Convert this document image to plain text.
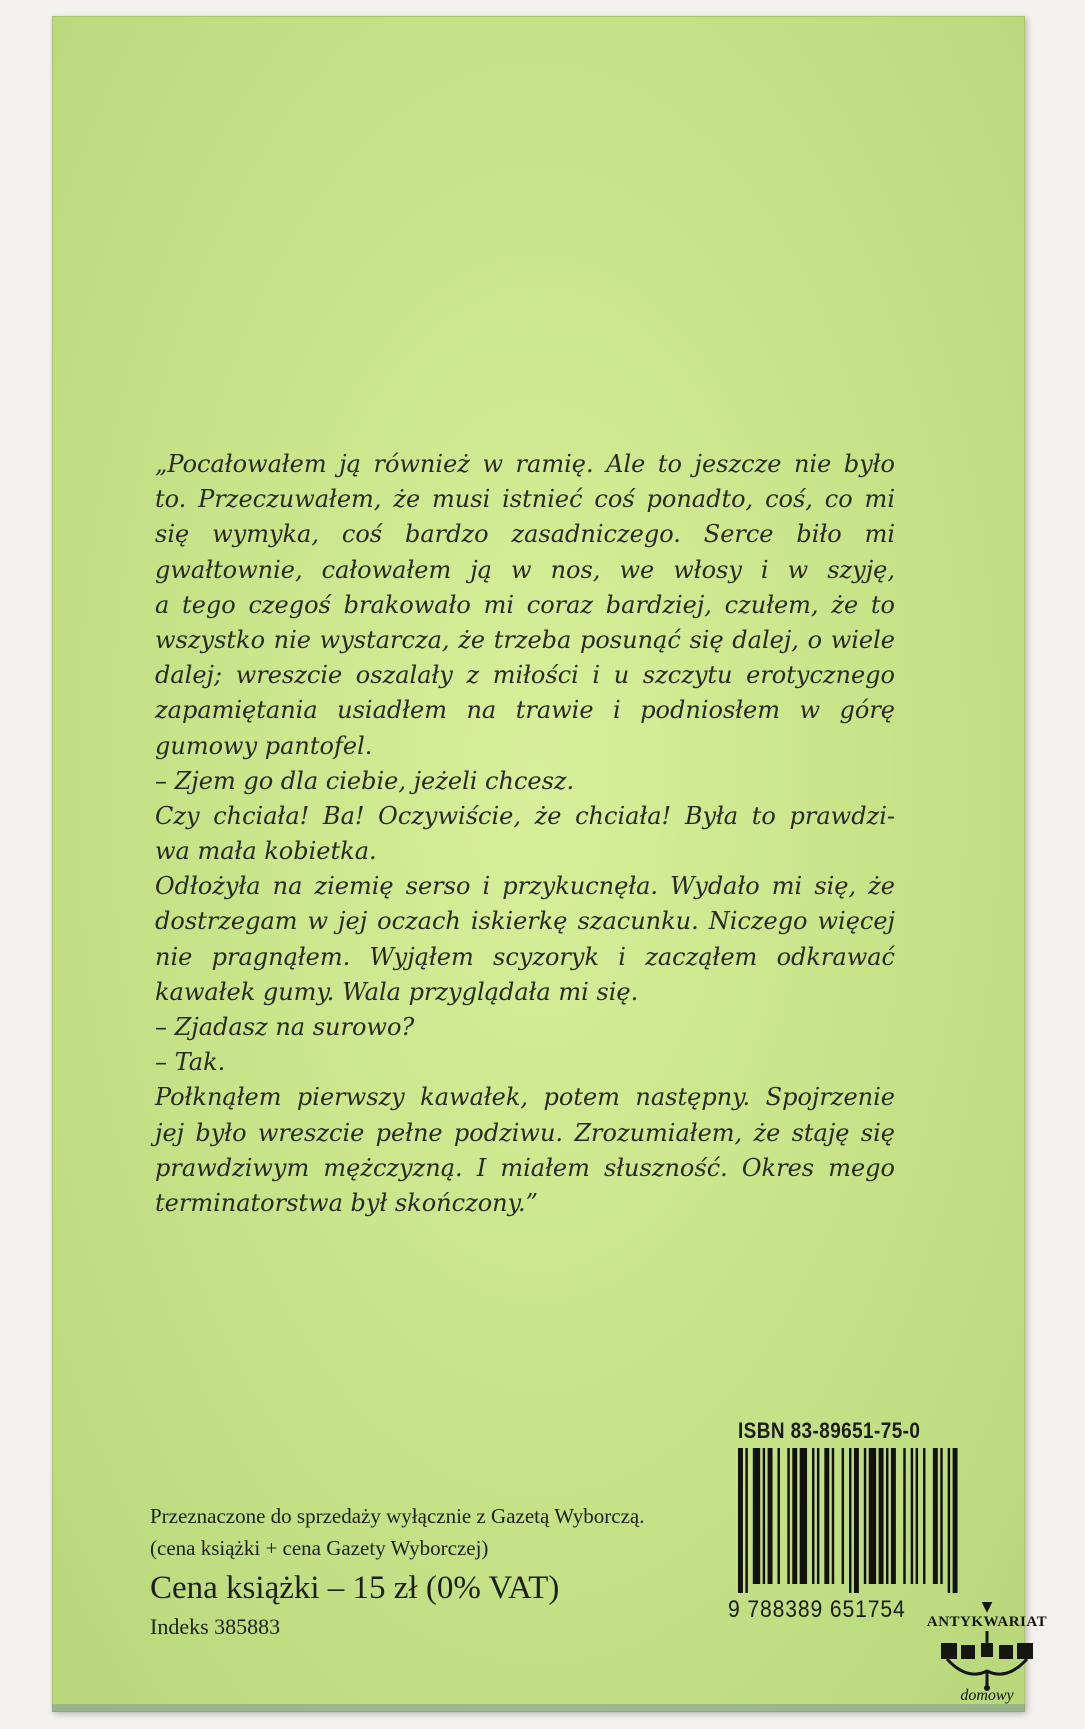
„Pocałowałem ją również w ramię. Ale to jeszcze nie było
to. Przeczuwałem, że musi istnieć coś ponadto, coś, co mi
się wymyka, coś bardzo zasadniczego. Serce biło mi
gwałtownie, całowałem ją w nos, we włosy i w szyję,
a tego czegoś brakowało mi coraz bardziej, czułem, że to
wszystko nie wystarcza, że trzeba posunąć się dalej, o wiele
dalej; wreszcie oszalały z miłości i u szczytu erotycznego
zapamiętania usiadłem na trawie i podniosłem w górę
gumowy pantofel.
– Zjem go dla ciebie, jeżeli chcesz.
Czy chciała! Ba! Oczywiście, że chciała! Była to prawdzi-
wa mała kobietka.
Odłożyła na ziemię serso i przykucnęła. Wydało mi się, że
dostrzegam w jej oczach iskierkę szacunku. Niczego więcej
nie pragnąłem. Wyjąłem scyzoryk i zacząłem odkrawać
kawałek gumy. Wala przyglądała mi się.
– Zjadasz na surowo?
– Tak.
Połknąłem pierwszy kawałek, potem następny. Spojrzenie
jej było wreszcie pełne podziwu. Zrozumiałem, że staję się
prawdziwym mężczyzną. I miałem słuszność. Okres mego
terminatorstwa był skończony.”
ISBN 83-89651-75-0
9 788389 651754
Przeznaczone do sprzedaży wyłącznie z Gazetą Wyborczą.
(cena książki + cena Gazety Wyborczej)
Cena książki – 15 zł (0% VAT)
Indeks 385883
▼
ANTYKWARIAT
domowy
